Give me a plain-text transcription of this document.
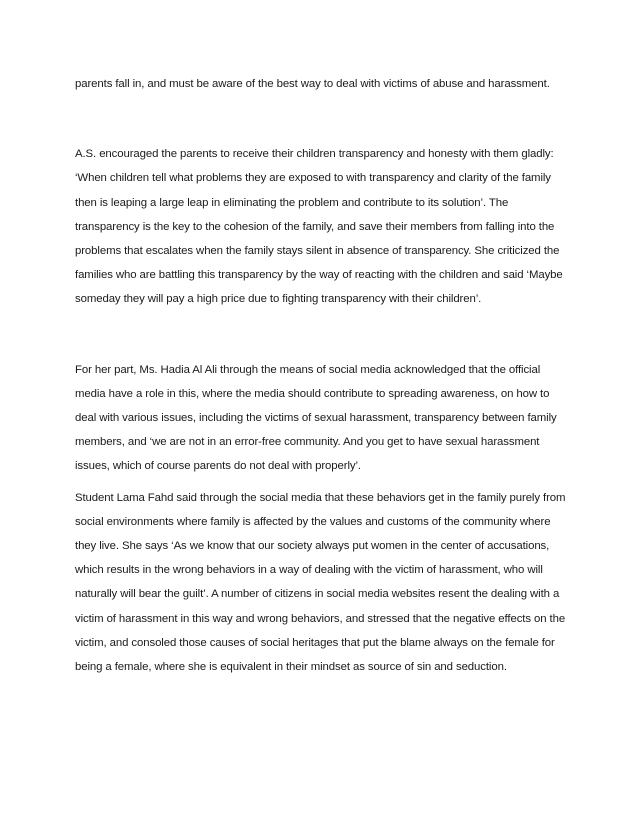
parents fall in, and must be aware of the best way to deal with victims of abuse and harassment.

A.S. encouraged the parents to receive their children transparency and honesty with them gladly: ‘When children tell what problems they are exposed to with transparency and clarity of the family then is leaping a large leap in eliminating the problem and contribute to its solution’. The transparency is the key to the cohesion of the family, and save their members from falling into the problems that escalates when the family stays silent in absence of transparency. She criticized the families who are battling this transparency by the way of reacting with the children and said ‘Maybe someday they will pay a high price due to fighting transparency with their children’.

For her part, Ms. Hadia Al Ali through the means of social media acknowledged that the official media have a role in this, where the media should contribute to spreading awareness, on how to deal with various issues, including the victims of sexual harassment, transparency between family members, and ‘we are not in an error-free community. And you get to have sexual harassment issues, which of course parents do not deal with properly’.

Student Lama Fahd said through the social media that these behaviors get in the family purely from social environments where family is affected by the values and customs of the community where they live. She says ‘As we know that our society always put women in the center of accusations, which results in the wrong behaviors in a way of dealing with the victim of harassment, who will naturally will bear the guilt’. A number of citizens in social media websites resent the dealing with a victim of harassment in this way and wrong behaviors, and stressed that the negative effects on the victim, and consoled those causes of social heritages that put the blame always on the female for being a female, where she is equivalent in their mindset as source of sin and seduction.
